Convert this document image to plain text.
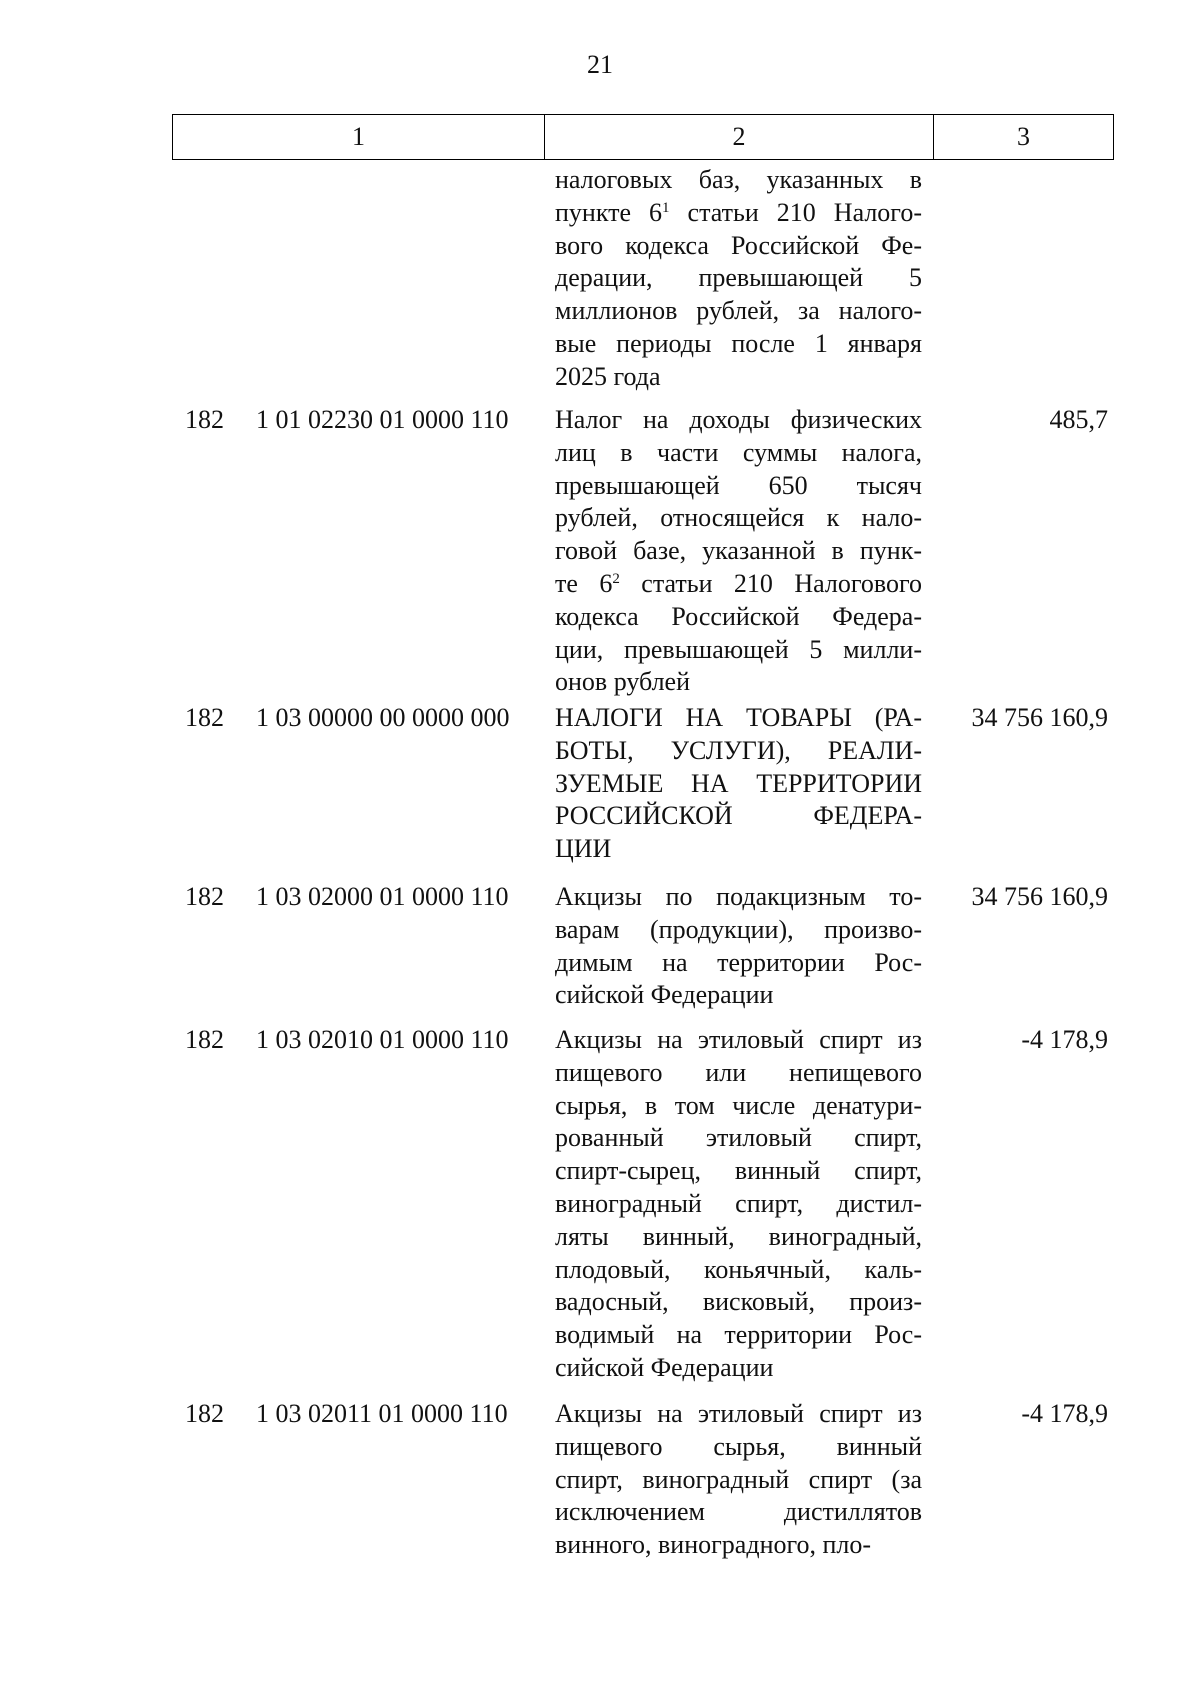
21
1	2	3
налоговых баз, указанных в
пункте $6^1$ статьи 210 Налого-
вого кодекса Российской Фе-
дерации, превышающей 5
миллионов рублей, за налого-
вые периоды после 1 января
2025 года
182 1 01 02230 01 0000 110 Налог на доходы физических
лиц в части суммы налога,
превышающей 650 тысяч
рублей, относящейся к нало-
говой базе, указанной в пунк-
те $6^2$ статьи 210 Налогового
кодекса Российской Федера-
ции, превышающей 5 милли-
онов рублей
485,7
182 1 03 00000 00 0000 000 НАЛОГИ НА ТОВАРЫ (РА-
БОТЫ, УСЛУГИ), РЕАЛИ-
ЗУЕМЫЕ НА ТЕРРИТОРИИ
РОССИЙСКОЙ ФЕДЕРА-
ЦИИ
34 756 160,9
182 1 03 02000 01 0000 110 Акцизы по подакцизным то-
варам (продукции), произво-
димым на территории Рос-
сийской Федерации
34 756 160,9
182 1 03 02010 01 0000 110 Акцизы на этиловый спирт из
пищевого или непищевого
сырья, в том числе денатури-
рованный этиловый спирт,
спирт-сырец, винный спирт,
виноградный спирт, дистил-
ляты винный, виноградный,
плодовый, коньячный, каль-
вадосный, висковый, произ-
водимый на территории Рос-
сийской Федерации
-4 178,9
182 1 03 02011 01 0000 110 Акцизы на этиловый спирт из
пищевого сырья, винный
спирт, виноградный спирт (за
исключением дистиллятов
винного, виноградного, пло-
-4 178,9
